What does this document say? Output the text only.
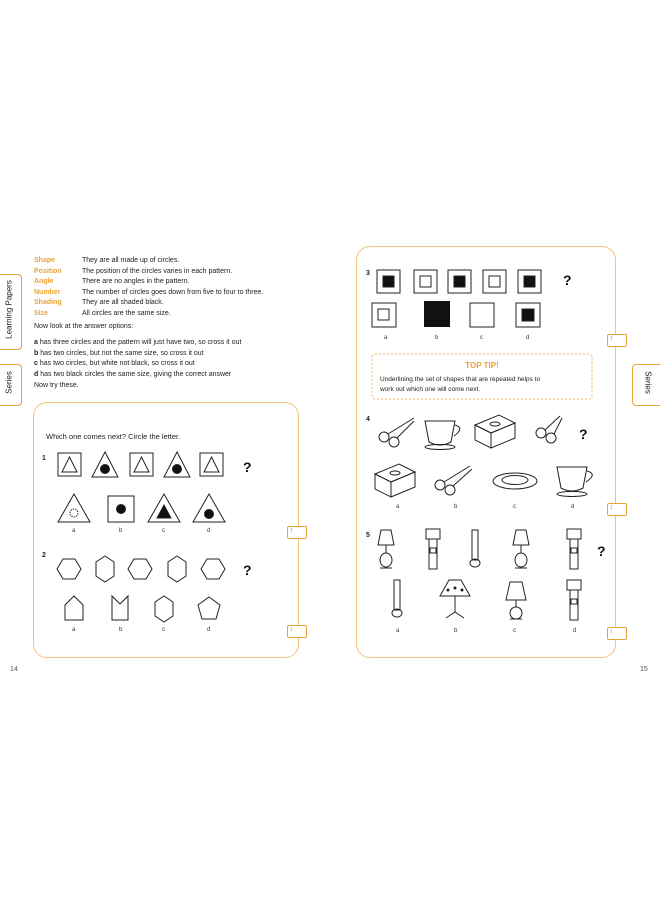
Learning Papers
Series
Shape	They are all made up of circles.
Position	The position of the circles varies in each pattern.
Angle	There are no angles in the pattern.
Number	The number of circles goes down from five to four to three.
Shading	They are all shaded black.
Size	All circles are the same size.
Now look at the answer options:
a has three circles and the pattern will just have two, so cross it out
b has two circles, but not the same size, so cross it out
c has two circles, but white not black, so cross it out
d has two black circles the same size, giving the correct answer
Now try these.
Which one comes next? Circle the letter.
1
2
?
?
a	b	c	d
a	b	c	d
1
1
14
Series
3
4
5
?
?
?
a	b	c	d
TOP TIP!
Underlining the set of shapes that are repeated helps to
work out which one will come next.
a	b	c	d
a	b	c	d
1
1
1
15
